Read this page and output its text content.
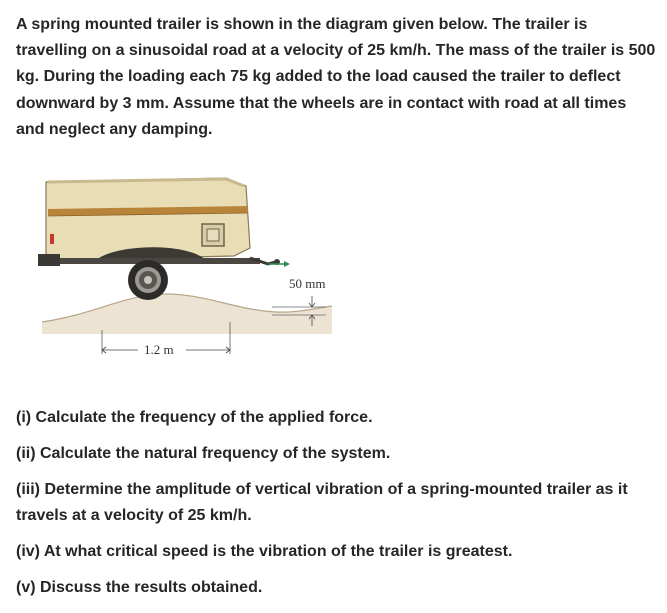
A spring mounted trailer is shown in the diagram given below. The trailer is travelling on a sinusoidal road at a velocity of 25 km/h. The mass of the trailer is 500 kg. During the loading each 75 kg added to the load caused the trailer to deflect downward by 3 mm. Assume that the wheels are in contact with road at all times and neglect any damping.

50 mm
1.2 m
(i) Calculate the frequency of the applied force.
(ii) Calculate the natural frequency of the system.
(iii) Determine the amplitude of vertical vibration of a spring-mounted trailer as it travels at a velocity of 25 km/h.
(iv) At what critical speed is the vibration of the trailer is greatest.
(v) Discuss the results obtained.
